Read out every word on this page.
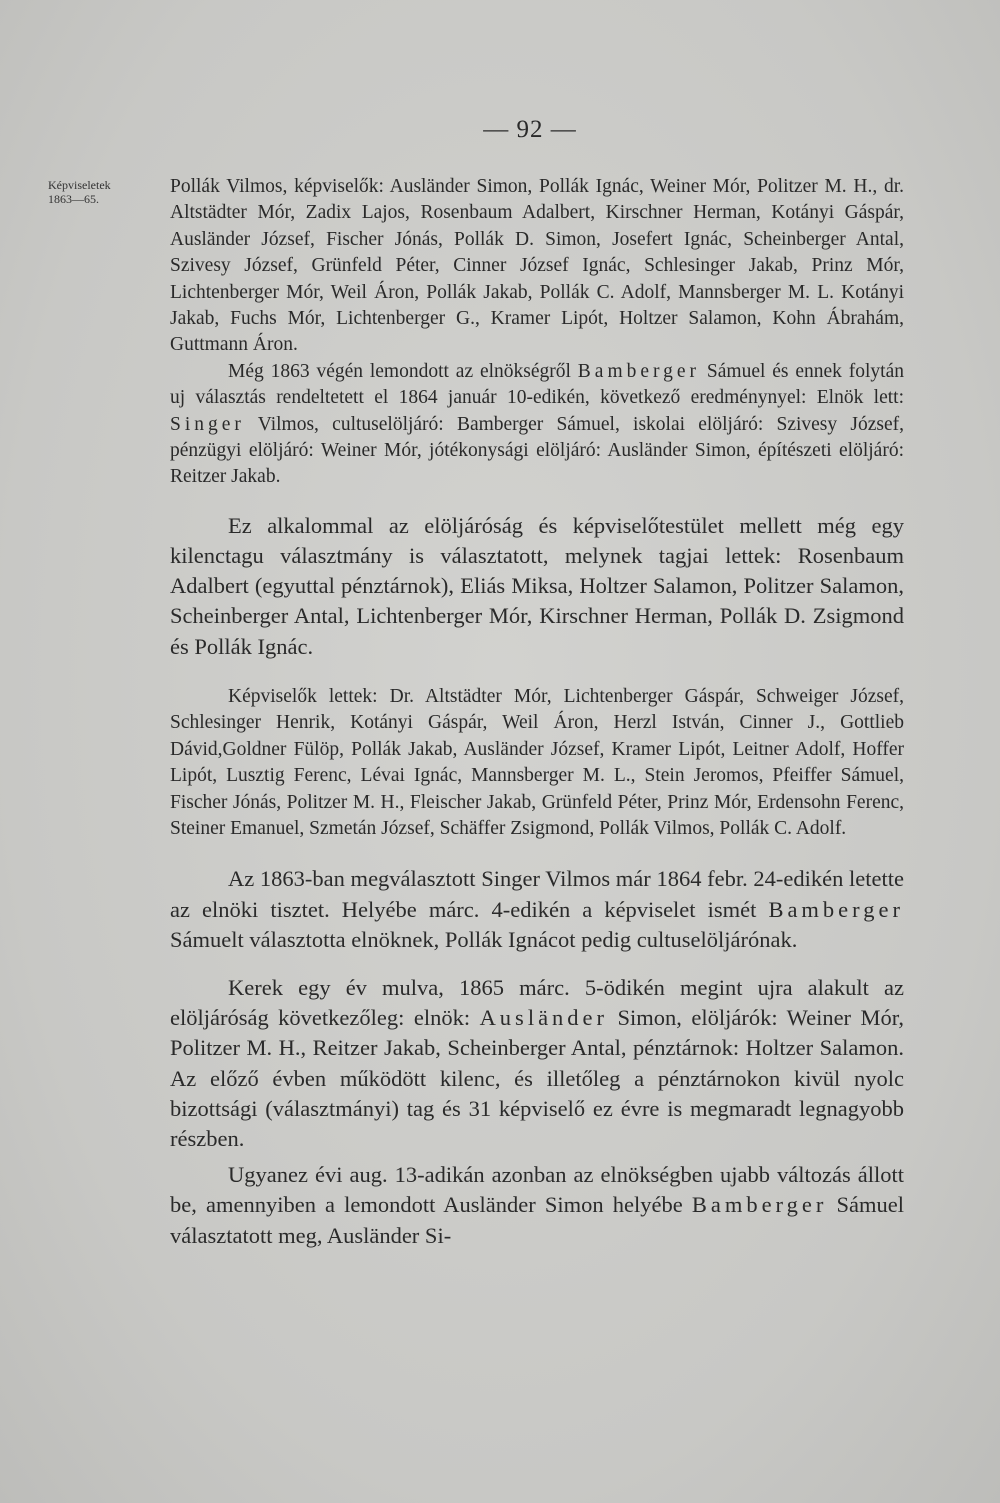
— 92 —
Képviseletek
1863—65.

Pollák Vilmos, képviselők: Ausländer Simon, Pollák Ignác, Weiner Mór, Politzer M. H., dr. Altstädter Mór, Zadix Lajos, Rosenbaum Adalbert, Kirschner Herman, Kotányi Gáspár, Ausländer József, Fischer Jónás, Pollák D. Simon, Josefert Ignác, Scheinberger Antal, Szivesy József, Grünfeld Péter, Cinner József Ignác, Schlesinger Jakab, Prinz Mór, Lichtenberger Mór, Weil Áron, Pollák Jakab, Pollák C. Adolf, Mannsberger M. L. Kotányi Jakab, Fuchs Mór, Lichtenberger G., Kramer Lipót, Holtzer Salamon, Kohn Ábrahám, Guttmann Áron.

Még 1863 végén lemondott az elnökségről Bamberger Sámuel és ennek folytán uj választás rendeltetett el 1864 január 10-edikén, következő eredménynyel: Elnök lett: Singer Vilmos, cultuselöljáró: Bamberger Sámuel, iskolai elöljáró: Szivesy József, pénzügyi elöljáró: Weiner Mór, jótékonysági elöljáró: Ausländer Simon, építészeti elöljáró: Reitzer Jakab.

Ez alkalommal az elöljáróság és képviselőtestület mellett még egy kilenctagu választmány is választatott, melynek tagjai lettek: Rosenbaum Adalbert (egyuttal pénztárnok), Eliás Miksa, Holtzer Salamon, Politzer Salamon, Scheinberger Antal, Lichtenberger Mór, Kirschner Herman, Pollák D. Zsigmond és Pollák Ignác.

Képviselők lettek: Dr. Altstädter Mór, Lichtenberger Gáspár, Schweiger József, Schlesinger Henrik, Kotányi Gáspár, Weil Áron, Herzl István, Cinner J., Gottlieb Dávid,Goldner Fülöp, Pollák Jakab, Ausländer József, Kramer Lipót, Leitner Adolf, Hoffer Lipót, Lusztig Ferenc, Lévai Ignác, Mannsberger M. L., Stein Jeromos, Pfeiffer Sámuel, Fischer Jónás, Politzer M. H., Fleischer Jakab, Grünfeld Péter, Prinz Mór, Erdensohn Ferenc, Steiner Emanuel, Szmetán József, Schäffer Zsigmond, Pollák Vilmos, Pollák C. Adolf.

Az 1863-ban megválasztott Singer Vilmos már 1864 febr. 24-edikén letette az elnöki tisztet. Helyébe márc. 4-edikén a képviselet ismét Bamberger Sámuelt választotta elnöknek, Pollák Ignácot pedig cultuselöljárónak.

Kerek egy év mulva, 1865 márc. 5-ödikén megint ujra alakult az elöljáróság következőleg: elnök: Ausländer Simon, elöljárók: Weiner Mór, Politzer M. H., Reitzer Jakab, Scheinberger Antal, pénztárnok: Holtzer Salamon. Az előző évben működött kilenc, és illetőleg a pénztárnokon kivül nyolc bizottsági (választmányi) tag és 31 képviselő ez évre is megmaradt legnagyobb részben.

Ugyanez évi aug. 13-adikán azonban az elnökségben ujabb változás állott be, amennyiben a lemondott Ausländer Simon helyébe Bamberger Sámuel választatott meg, Ausländer Si-
